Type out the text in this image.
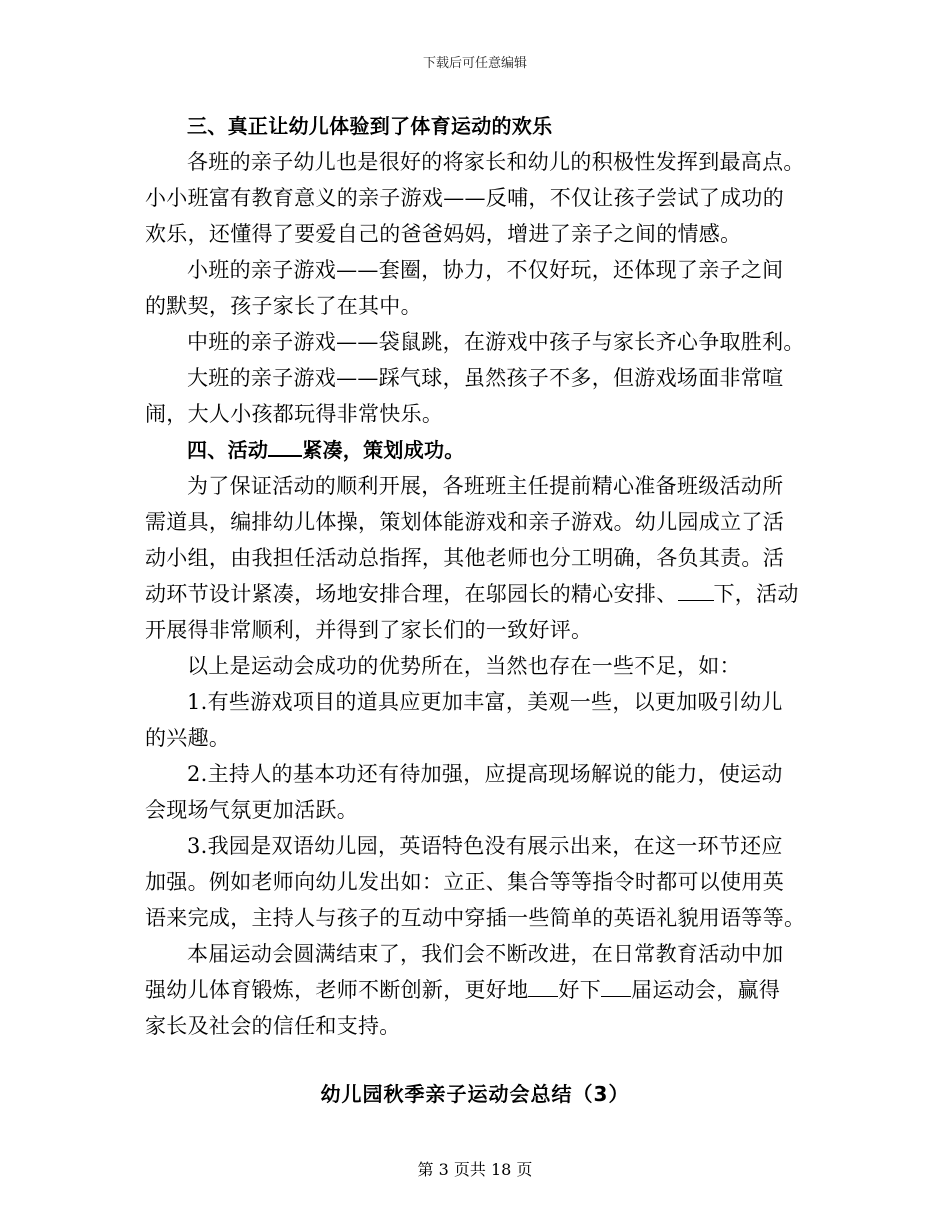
下载后可任意编辑
三、真正让幼儿体验到了体育运动的欢乐
各班的亲子幼儿也是很好的将家长和幼儿的积极性发挥到最高点。
小小班富有教育意义的亲子游戏——反哺，不仅让孩子尝试了成功的
欢乐，还懂得了要爱自己的爸爸妈妈，增进了亲子之间的情感。
小班的亲子游戏——套圈，协力，不仅好玩，还体现了亲子之间
的默契，孩子家长了在其中。
中班的亲子游戏——袋鼠跳，在游戏中孩子与家长齐心争取胜利。
大班的亲子游戏——踩气球，虽然孩子不多，但游戏场面非常喧
闹，大人小孩都玩得非常快乐。
四、活动 紧凑，策划成功。
为了保证活动的顺利开展，各班班主任提前精心准备班级活动所
需道具，编排幼儿体操，策划体能游戏和亲子游戏。幼儿园成立了活
动小组，由我担任活动总指挥，其他老师也分工明确，各负其责。活
动环节设计紧凑，场地安排合理，在邬园长的精心安排、 下，活动
开展得非常顺利，并得到了家长们的一致好评。
以上是运动会成功的优势所在，当然也存在一些不足，如：
1.有些游戏项目的道具应更加丰富，美观一些，以更加吸引幼儿
的兴趣。
2.主持人的基本功还有待加强，应提高现场解说的能力，使运动
会现场气氛更加活跃。
3.我园是双语幼儿园，英语特色没有展示出来，在这一环节还应
加强。例如老师向幼儿发出如：立正、集合等等指令时都可以使用英
语来完成，主持人与孩子的互动中穿插一些简单的英语礼貌用语等等。
本届运动会圆满结束了，我们会不断改进，在日常教育活动中加
强幼儿体育锻炼，老师不断创新，更好地 好下 届运动会，赢得
家长及社会的信任和支持。
幼儿园秋季亲子运动会总结（3）
第 3 页共 18 页
